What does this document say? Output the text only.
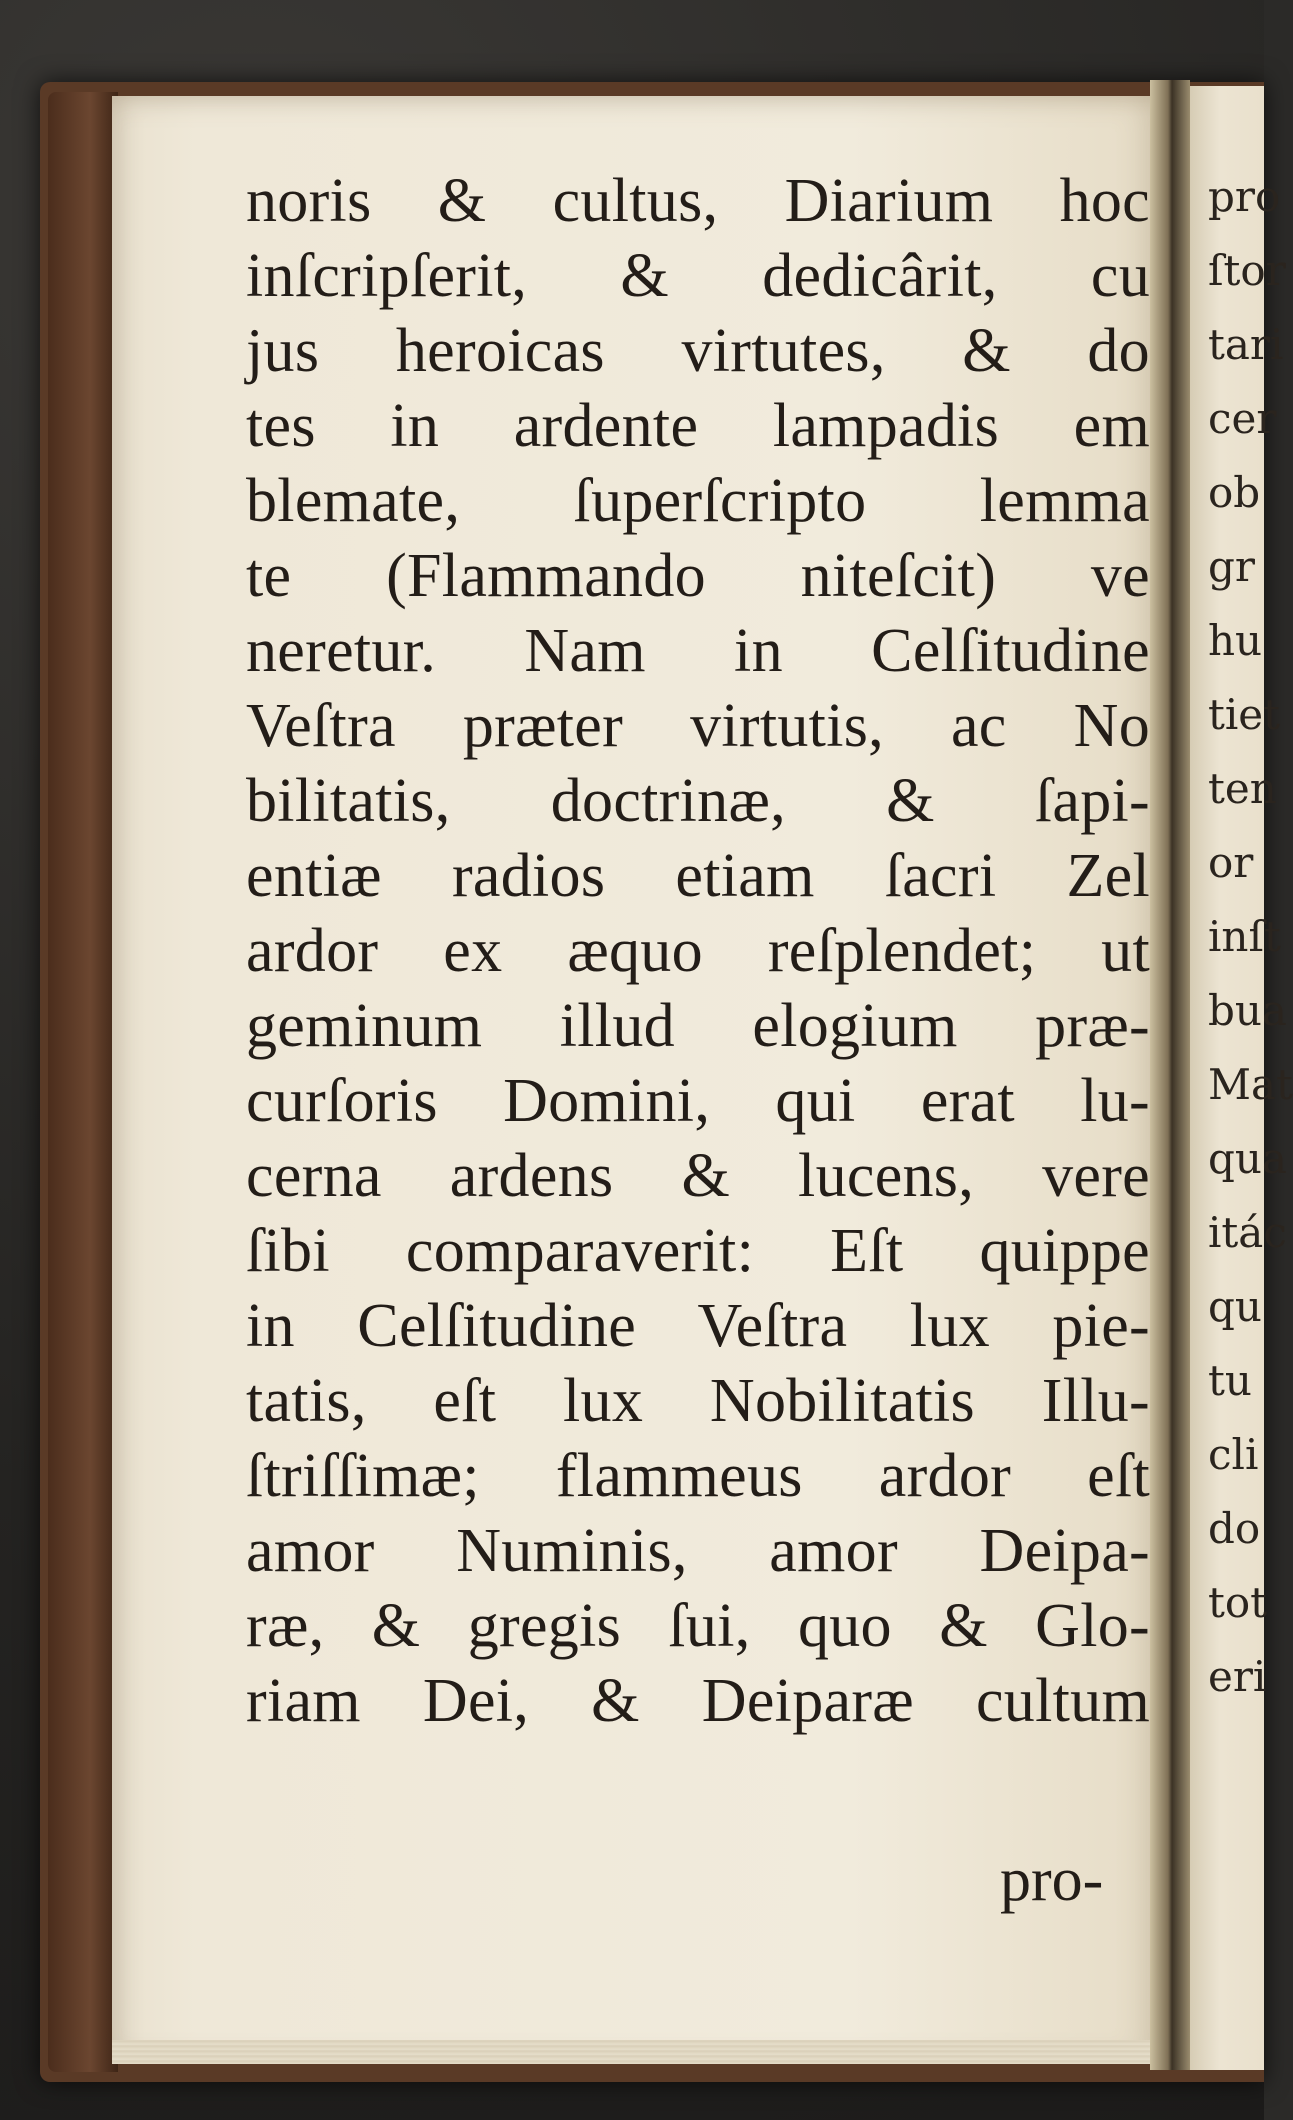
pro
ſtor
tari
cer
ob
gr
hu
tiet
ten
or
inſt
bua
Mat
qua
itác
qu
tu
cli
do
tot
eri
noris & cultus, Diarium hoc
inſcripſerit, & dedicârit, cu
jus heroicas virtutes, & do
tes in ardente lampadis em
blemate, ſuperſcripto lemma
te (Flammando niteſcit) ve
neretur. Nam in Celſitudine
Veſtra præter virtutis, ac No
bilitatis, doctrinæ, & ſapi-
entiæ radios etiam ſacri Zel
ardor ex æquo reſplendet; ut
geminum illud elogium præ-
curſoris Domini, qui erat lu-
cerna ardens & lucens, vere
ſibi comparaverit: Eſt quippe
in Celſitudine Veſtra lux pie-
tatis, eſt lux Nobilitatis Illu-
ſtriſſimæ; flammeus ardor eſt
amor Numinis, amor Deipa-
ræ, & gregis ſui, quo & Glo-
riam Dei, & Deiparæ cultum
pro-
